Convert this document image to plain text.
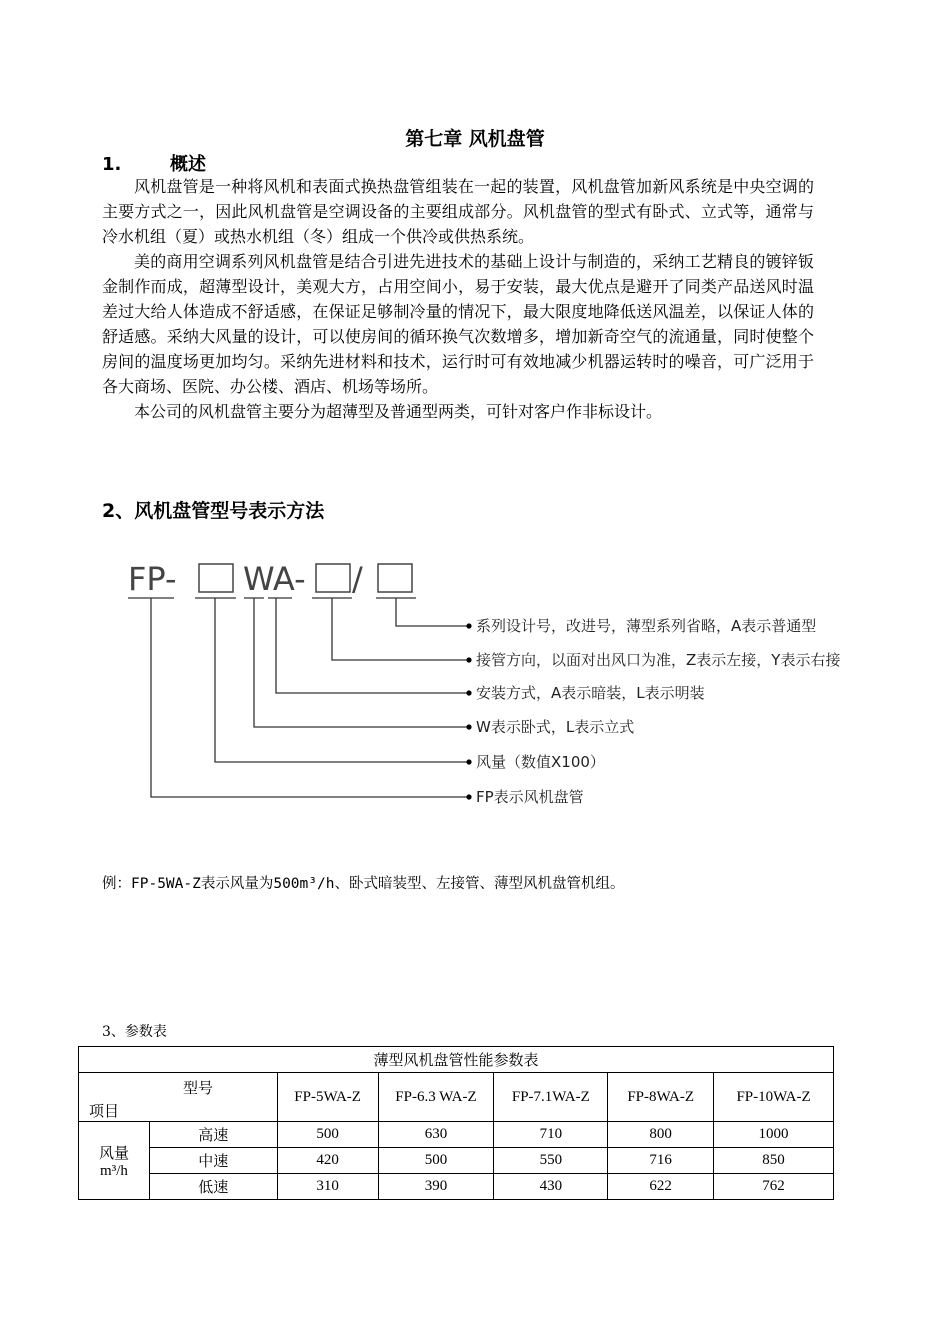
第七章 风机盘管
1.	概述

风机盘管是一种将风机和表面式换热盘管组装在一起的装置，风机盘管加新风系统是中央空调的主要方式之一，因此风机盘管是空调设备的主要组成部分。风机盘管的型式有卧式、立式等，通常与冷水机组（夏）或热水机组（冬）组成一个供冷或供热系统。

美的商用空调系列风机盘管是结合引进先进技术的基础上设计与制造的，采纳工艺精良的镀锌钣金制作而成，超薄型设计，美观大方，占用空间小，易于安装，最大优点是避开了同类产品送风时温差过大给人体造成不舒适感，在保证足够制冷量的情况下，最大限度地降低送风温差，以保证人体的舒适感。采纳大风量的设计，可以使房间的循环换气次数增多，增加新奇空气的流通量，同时使整个房间的温度场更加均匀。采纳先进材料和技术，运行时可有效地减少机器运转时的噪音，可广泛用于各大商场、医院、办公楼、酒店、机场等场所。

本公司的风机盘管主要分为超薄型及普通型两类，可针对客户作非标设计。

2、风机盘管型号表示方法
FP- WA- /
系列设计号，改进号，薄型系列省略，A表示普通型
接管方向，以面对出风口为准，Z表示左接，Y表示右接
安装方式，A表示暗装，L表示明装
W表示卧式，L表示立式
风量（数值X100）
FP表示风机盘管
例：FP-5WA-Z表示风量为500m³/h、卧式暗装型、左接管、薄型风机盘管机组。
3、参数表
薄型风机盘管性能参数表						

型号
项目		FP-5WA-Z	FP-6.3 WA-Z	FP-7.1WA-Z	FP-8WA-Z	FP-10WA-Z

风量
m³/h	高速	500	630	710	800	1000
	中速	420	500	550	716	850
	低速	310	390	430	622	762
